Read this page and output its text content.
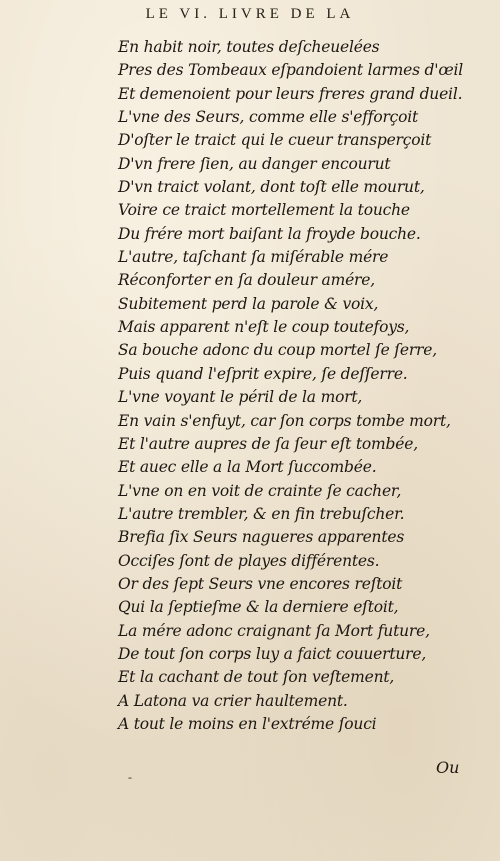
LE VI. LIVRE DE LA
En habit noir, toutes deſcheuelées
Pres des Tombeaux eſpandoient larmes d'œil
Et demenoient pour leurs freres grand dueil.
L'vne des Seurs, comme elle s'efforçoit
D'oſter le traict qui le cueur transperçoit
D'vn frere ſien, au danger encourut
D'vn traict volant, dont toſt elle mourut,
Voire ce traict mortellement la touche
Du frére mort baiſant la froyde bouche.
L'autre, taſchant ſa miſérable mére
Réconforter en ſa douleur amére,
Subitement perd la parole & voix,
Mais apparent n'eſt le coup toutefoys,
Sa bouche adonc du coup mortel ſe ſerre,
Puis quand l'eſprit expire, ſe deſſerre.
L'vne voyant le péril de la mort,
En vain s'enfuyt, car ſon corps tombe mort,
Et l'autre aupres de ſa ſeur eſt tombée,
Et auec elle a la Mort ſuccombée.
L'vne on en voit de crainte ſe cacher,
L'autre trembler, & en fin trebuſcher.
Brefia ſix Seurs nagueres apparentes
Occiſes ſont de playes différentes.
Or des ſept Seurs vne encores reſtoit
Qui la ſeptieſme & la derniere eſtoit,
La mére adonc craignant ſa Mort future,
De tout ſon corps luy a faict couuerture,
Et la cachant de tout ſon veſtement,
A Latona va crier haultement.
A tout le moins en l'extréme ſouci
-	Ou
